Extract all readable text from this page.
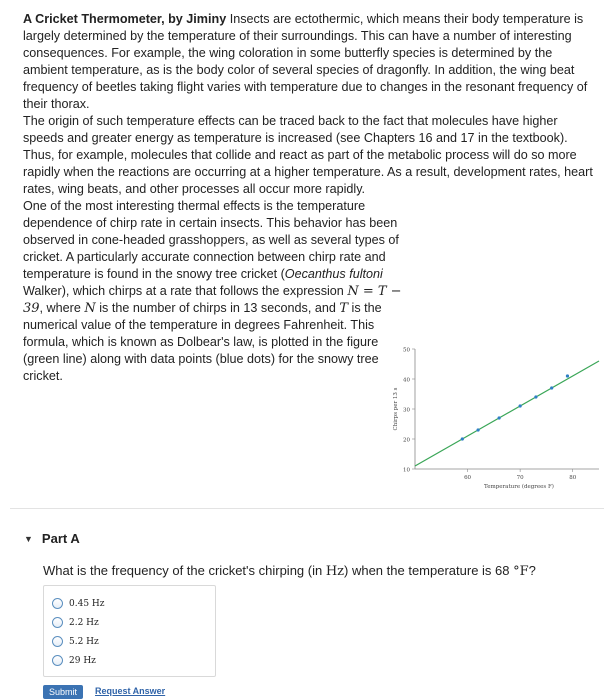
A Cricket Thermometer, by Jiminy Insects are ectothermic, which means their body temperature is largely determined by the temperature of their surroundings. This can have a number of interesting consequences. For example, the wing coloration in some butterfly species is determined by the ambient temperature, as is the body color of several species of dragonfly. In addition, the wing beat frequency of beetles taking flight varies with temperature due to changes in the resonant frequency of their thorax.

The origin of such temperature effects can be traced back to the fact that molecules have higher speeds and greater energy as temperature is increased (see Chapters 16 and 17 in the textbook). Thus, for example, molecules that collide and react as part of the metabolic process will do so more rapidly when the reactions are occurring at a higher temperature. As a result, development rates, heart rates, wing beats, and other processes all occur more rapidly.

One of the most interesting thermal effects is the temperature dependence of chirp rate in certain insects. This behavior has been observed in cone-headed grasshoppers, as well as several types of cricket. A particularly accurate connection between chirp rate and temperature is found in the snowy tree cricket (Oecanthus fultoni Walker), which chirps at a rate that follows the expression N = T − 39, where N is the number of chirps in 13 seconds, and T is the numerical value of the temperature in degrees Fahrenheit. This formula, which is known as Dolbear's law, is plotted in the figure (green line) along with data points (blue dots) for the snowy tree cricket.

10
20
30
40
50
60	70	80
Temperature (degrees F)
Chirps per 13 s
▼ Part A
What is the frequency of the cricket's chirping (in Hz) when the temperature is 68 °F?
0.45 Hz
2.2 Hz
5.2 Hz
29 Hz
Submit	Request Answer
